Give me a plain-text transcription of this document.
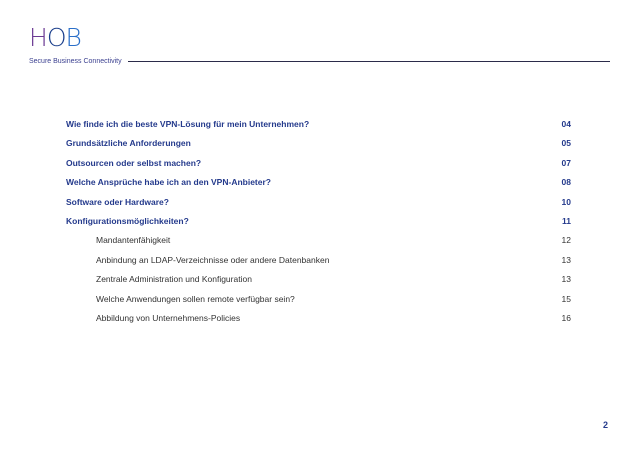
HOB
Secure Business Connectivity
Wie finde ich die beste VPN-Lösung für mein Unternehmen?	04
Grundsätzliche Anforderungen	05
Outsourcen oder selbst machen?	07
Welche Ansprüche habe ich an den VPN-Anbieter?	08
Software oder Hardware?	10
Konfigurationsmöglichkeiten?	11
Mandantenfähigkeit	12
Anbindung an LDAP-Verzeichnisse oder andere Datenbanken	13
Zentrale Administration und Konfiguration	13
Welche Anwendungen sollen remote verfügbar sein?	15
Abbildung von Unternehmens-Policies	16
2
